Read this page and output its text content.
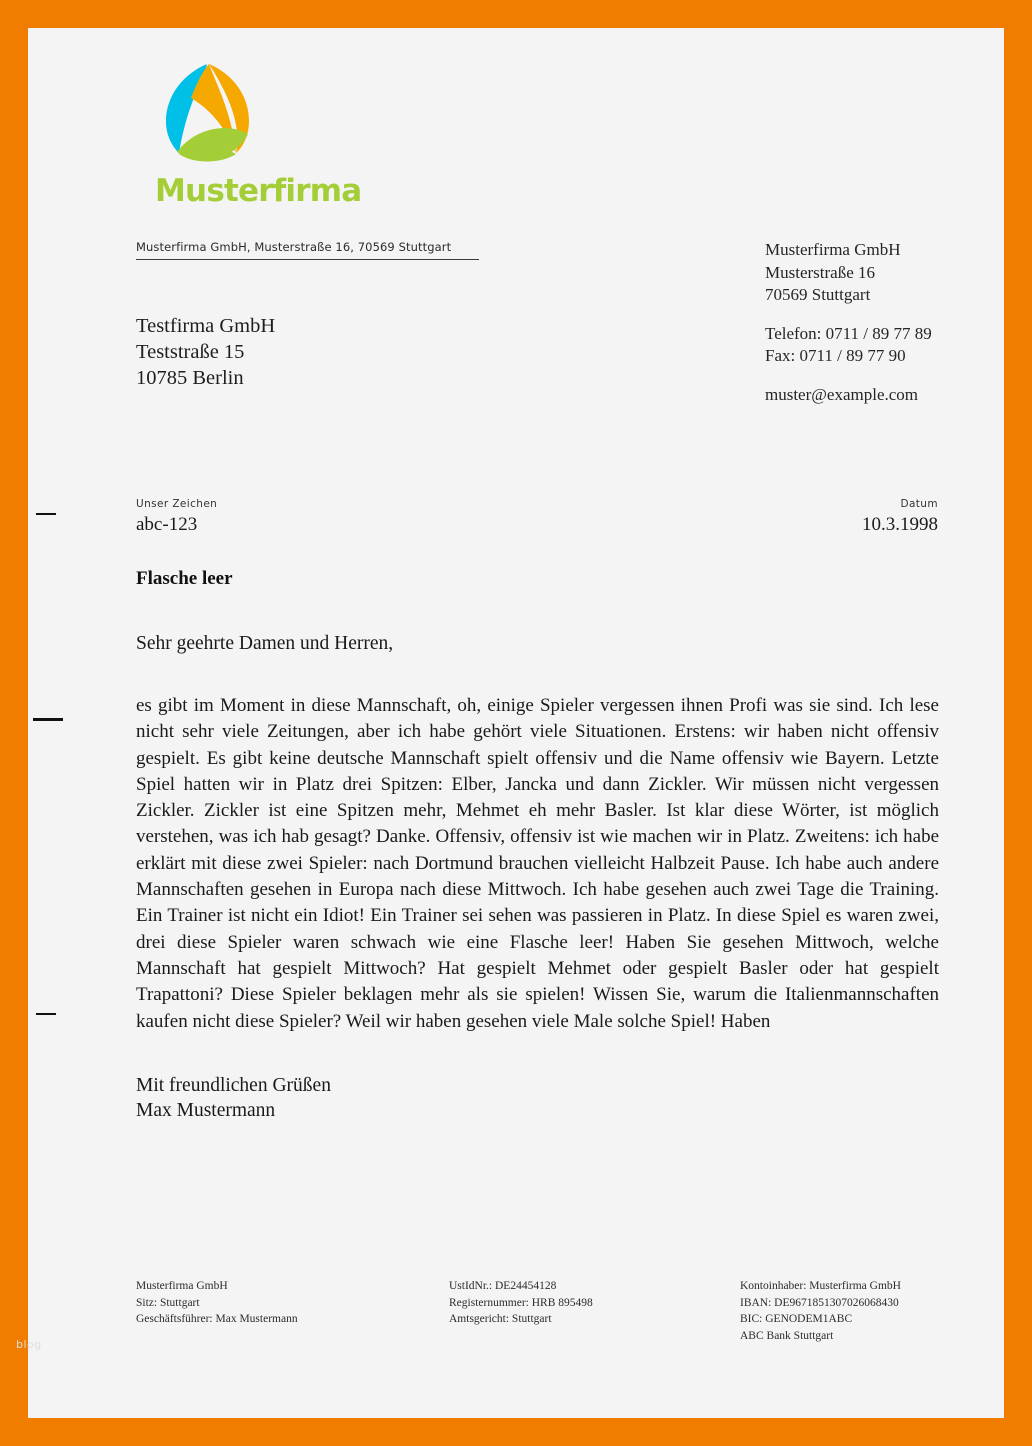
Musterfirma
Musterfirma GmbH, Musterstraße 16, 70569 Stuttgart
Testfirma GmbH
Teststraße 15
10785 Berlin
Musterfirma GmbH
Musterstraße 16
70569 Stuttgart
Telefon: 0711 / 89 77 89
Fax: 0711 / 89 77 90
muster@example.com
Unser Zeichen
abc-123
Datum
10.3.1998
Flasche leer
Sehr geehrte Damen und Herren,

es gibt im Moment in diese Mannschaft, oh, einige Spieler vergessen ihnen Profi was sie sind. Ich lese nicht sehr viele Zeitungen, aber ich habe gehört viele Situationen. Erstens: wir haben nicht offensiv gespielt. Es gibt keine deutsche Mannschaft spielt offensiv und die Name offensiv wie Bayern. Letzte Spiel hatten wir in Platz drei Spitzen: Elber, Jancka und dann Zickler. Wir müssen nicht vergessen Zickler. Zickler ist eine Spitzen mehr, Mehmet eh mehr Basler. Ist klar diese Wörter, ist möglich verstehen, was ich hab gesagt? Danke. Offensiv, offensiv ist wie machen wir in Platz. Zweitens: ich habe erklärt mit diese zwei Spieler: nach Dortmund brauchen vielleicht Halbzeit Pause. Ich habe auch andere Mannschaften gesehen in Europa nach diese Mittwoch. Ich habe gesehen auch zwei Tage die Training. Ein Trainer ist nicht ein Idiot! Ein Trainer sei sehen was passieren in Platz. In diese Spiel es waren zwei, drei diese Spieler waren schwach wie eine Flasche leer! Haben Sie gesehen Mittwoch, welche Mannschaft hat gespielt Mittwoch? Hat gespielt Mehmet oder gespielt Basler oder hat gespielt Trapattoni? Diese Spieler beklagen mehr als sie spielen! Wissen Sie, warum die Italienmannschaften kaufen nicht diese Spieler? Weil wir haben gesehen viele Male solche Spiel! Haben

Mit freundlichen Grüßen
Max Mustermann
Musterfirma GmbH
Sitz: Stuttgart
Geschäftsführer: Max Mustermann
UstIdNr.: DE24454128
Registernummer: HRB 895498
Amtsgericht: Stuttgart
Kontoinhaber: Musterfirma GmbH
IBAN: DE9671851307026068430
BIC: GENODEM1ABC
ABC Bank Stuttgart
blog
